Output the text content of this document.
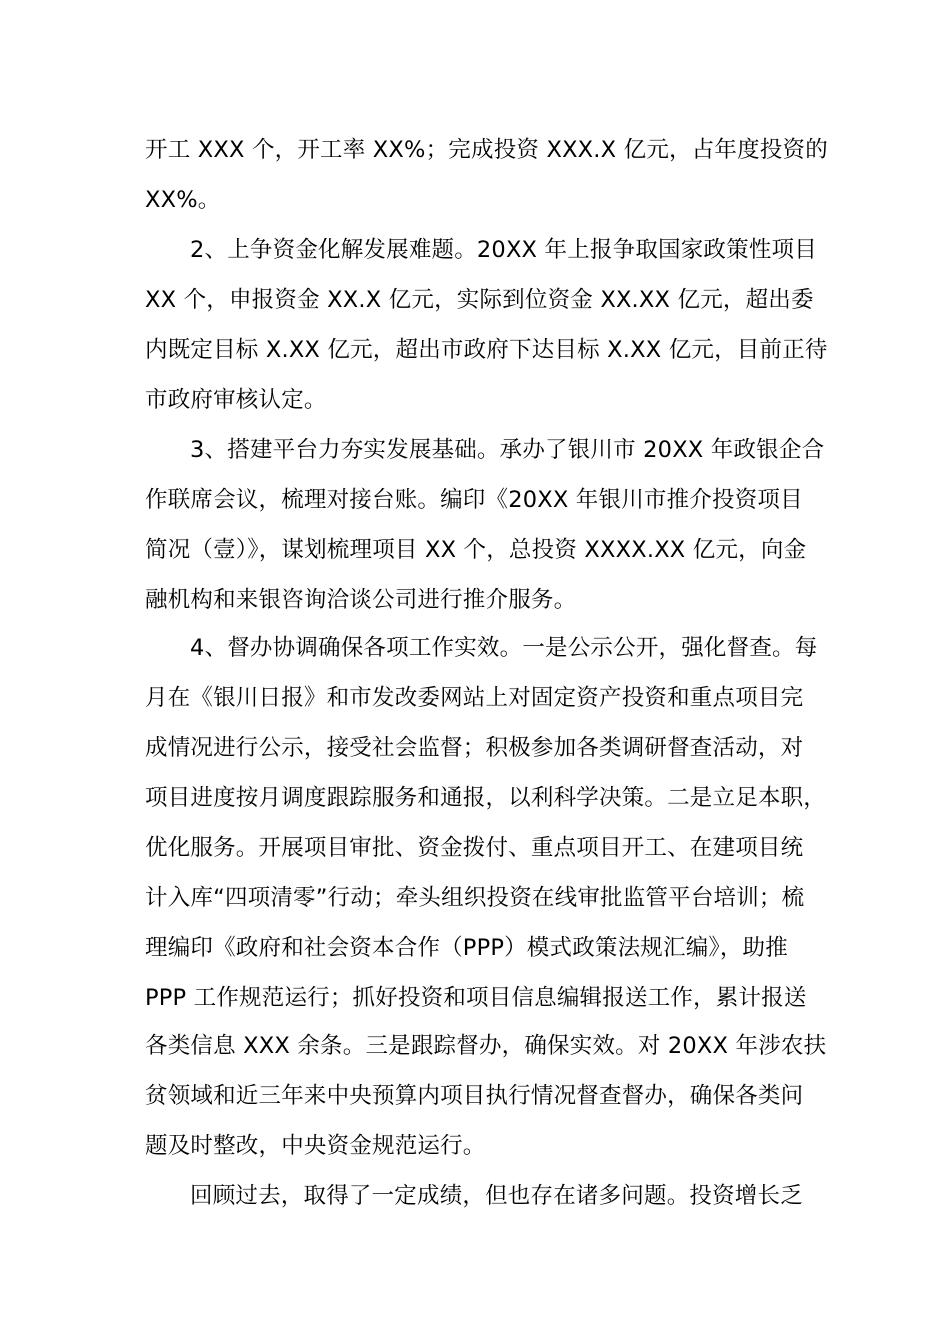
开工 XXX 个，开工率 XX%；完成投资 XXX.X 亿元，占年度投资的
XX%。
2、上争资金化解发展难题。20XX 年上报争取国家政策性项目
XX 个，申报资金 XX.X 亿元，实际到位资金 XX.XX 亿元，超出委
内既定目标 X.XX 亿元，超出市政府下达目标 X.XX 亿元，目前正待
市政府审核认定。
3、搭建平台力夯实发展基础。承办了银川市 20XX 年政银企合
作联席会议，梳理对接台账。编印《20XX 年银川市推介投资项目
简况（壹）》，谋划梳理项目 XX 个，总投资 XXXX.XX 亿元，向金
融机构和来银咨询洽谈公司进行推介服务。
4、督办协调确保各项工作实效。一是公示公开，强化督查。每
月在《银川日报》和市发改委网站上对固定资产投资和重点项目完
成情况进行公示，接受社会监督；积极参加各类调研督查活动，对
项目进度按月调度跟踪服务和通报，以利科学决策。二是立足本职，
优化服务。开展项目审批、资金拨付、重点项目开工、在建项目统
计入库“四项清零”行动；牵头组织投资在线审批监管平台培训；梳
理编印《政府和社会资本合作（PPP）模式政策法规汇编》，助推
PPP 工作规范运行；抓好投资和项目信息编辑报送工作，累计报送
各类信息 XXX 余条。三是跟踪督办，确保实效。对 20XX 年涉农扶
贫领域和近三年来中央预算内项目执行情况督查督办，确保各类问
题及时整改，中央资金规范运行。
回顾过去，取得了一定成绩，但也存在诸多问题。投资增长乏
